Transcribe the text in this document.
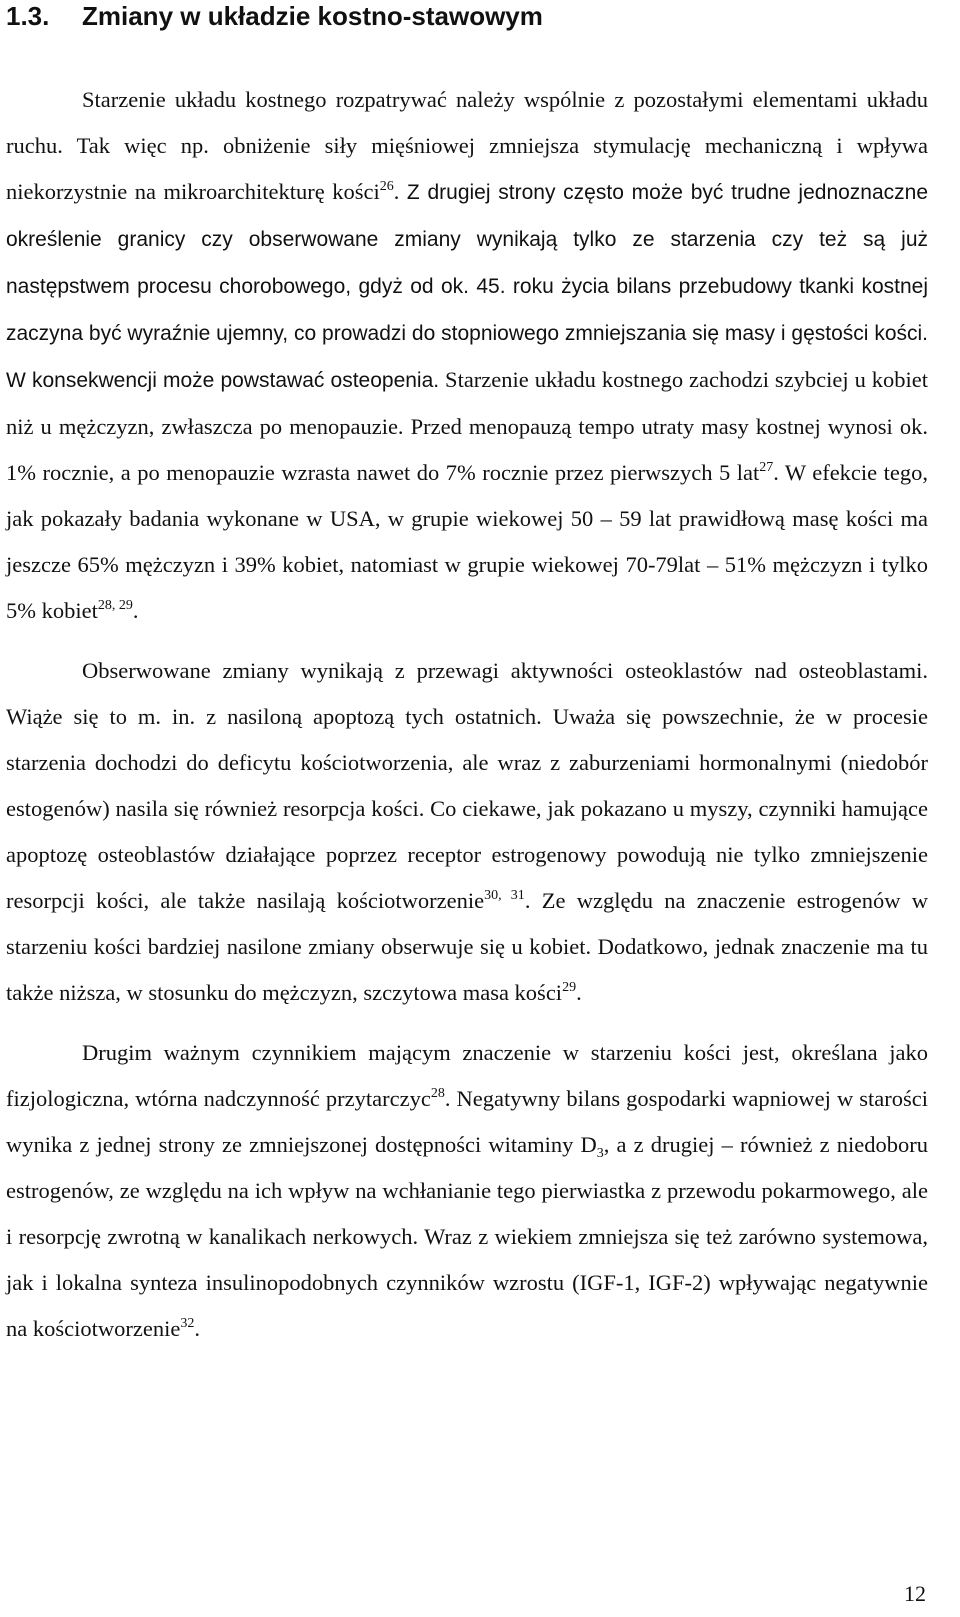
1.3. Zmiany w układzie kostno-stawowym

Starzenie układu kostnego rozpatrywać należy wspólnie z pozostałymi elementami układu ruchu. Tak więc np. obniżenie siły mięśniowej zmniejsza stymulację mechaniczną i wpływa niekorzystnie na mikroarchitekturę kości$^{26}$. Z drugiej strony często może być trudne jednoznaczne określenie granicy czy obserwowane zmiany wynikają tylko ze starzenia czy też są już następstwem procesu chorobowego, gdyż od ok. 45. roku życia bilans przebudowy tkanki kostnej zaczyna być wyraźnie ujemny, co prowadzi do stopniowego zmniejszania się masy i gęstości kości. W konsekwencji może powstawać osteopenia. Starzenie układu kostnego zachodzi szybciej u kobiet niż u mężczyzn, zwłaszcza po menopauzie. Przed menopauzą tempo utraty masy kostnej wynosi ok. 1% rocznie, a po menopauzie wzrasta nawet do 7% rocznie przez pierwszych 5 lat$^{27}$. W efekcie tego, jak pokazały badania wykonane w USA, w grupie wiekowej 50 – 59 lat prawidłową masę kości ma jeszcze 65% mężczyzn i 39% kobiet, natomiast w grupie wiekowej 70-79lat – 51% mężczyzn i tylko 5% kobiet$^{28, 29}$.

Obserwowane zmiany wynikają z przewagi aktywności osteoklastów nad osteoblastami. Wiąże się to m. in. z nasiloną apoptozą tych ostatnich. Uważa się powszechnie, że w procesie starzenia dochodzi do deficytu kościotworzenia, ale wraz z zaburzeniami hormonalnymi (niedobór estogenów) nasila się również resorpcja kości. Co ciekawe, jak pokazano u myszy, czynniki hamujące apoptozę osteoblastów działające poprzez receptor estrogenowy powodują nie tylko zmniejszenie resorpcji kości, ale także nasilają kościotworzenie$^{30, 31}$. Ze względu na znaczenie estrogenów w starzeniu kości bardziej nasilone zmiany obserwuje się u kobiet. Dodatkowo, jednak znaczenie ma tu także niższa, w stosunku do mężczyzn, szczytowa masa kości$^{29}$.

Drugim ważnym czynnikiem mającym znaczenie w starzeniu kości jest, określana jako fizjologiczna, wtórna nadczynność przytarczyc$^{28}$. Negatywny bilans gospodarki wapniowej w starości wynika z jednej strony ze zmniejszonej dostępności witaminy $D_3$, a z drugiej – również z niedoboru estrogenów, ze względu na ich wpływ na wchłanianie tego pierwiastka z przewodu pokarmowego, ale i resorpcję zwrotną w kanalikach nerkowych. Wraz z wiekiem zmniejsza się też zarówno systemowa, jak i lokalna synteza insulinopodobnych czynników wzrostu (IGF-1, IGF-2) wpływając negatywnie na kościotworzenie$^{32}$.

12
